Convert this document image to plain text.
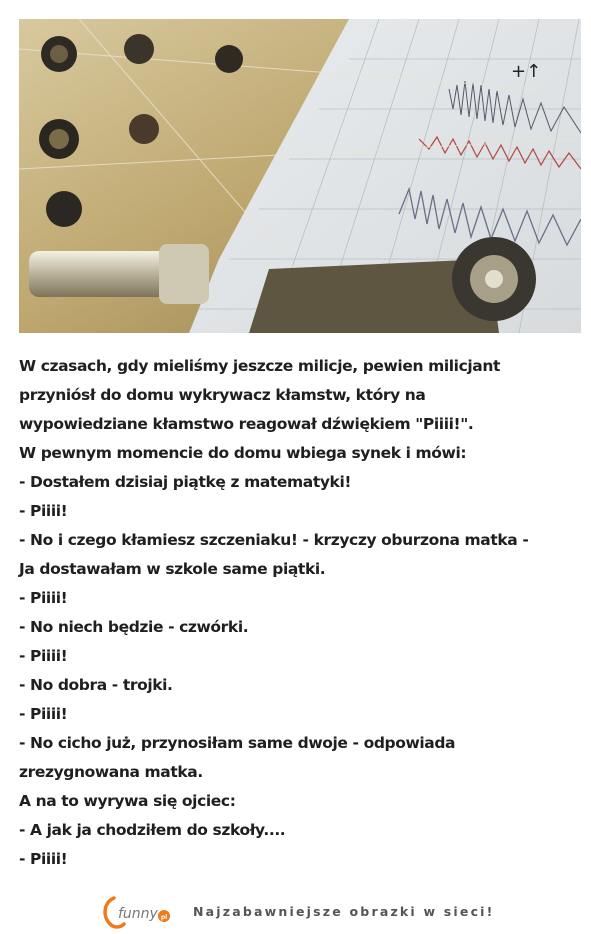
+↑
W czasach, gdy mieliśmy jeszcze milicje, pewien milicjant
przyniósł do domu wykrywacz kłamstw, który na
wypowiedziane kłamstwo reagował dźwiękiem "Piiii!".
W pewnym momencie do domu wbiega synek i mówi:
- Dostałem dzisiaj piątkę z matematyki!
- Piiii!
- No i czego kłamiesz szczeniaku! - krzyczy oburzona matka -
Ja dostawałam w szkole same piątki.
- Piiii!
- No niech będzie - czwórki.
- Piiii!
- No dobra - trojki.
- Piiii!
- No cicho już, przynosiłam same dwoje - odpowiada
zrezygnowana matka.
A na to wyrywa się ojciec:
- A jak ja chodziłem do szkoły....
- Piiii!
funny pl Najzabawniejsze obrazki w sieci!
